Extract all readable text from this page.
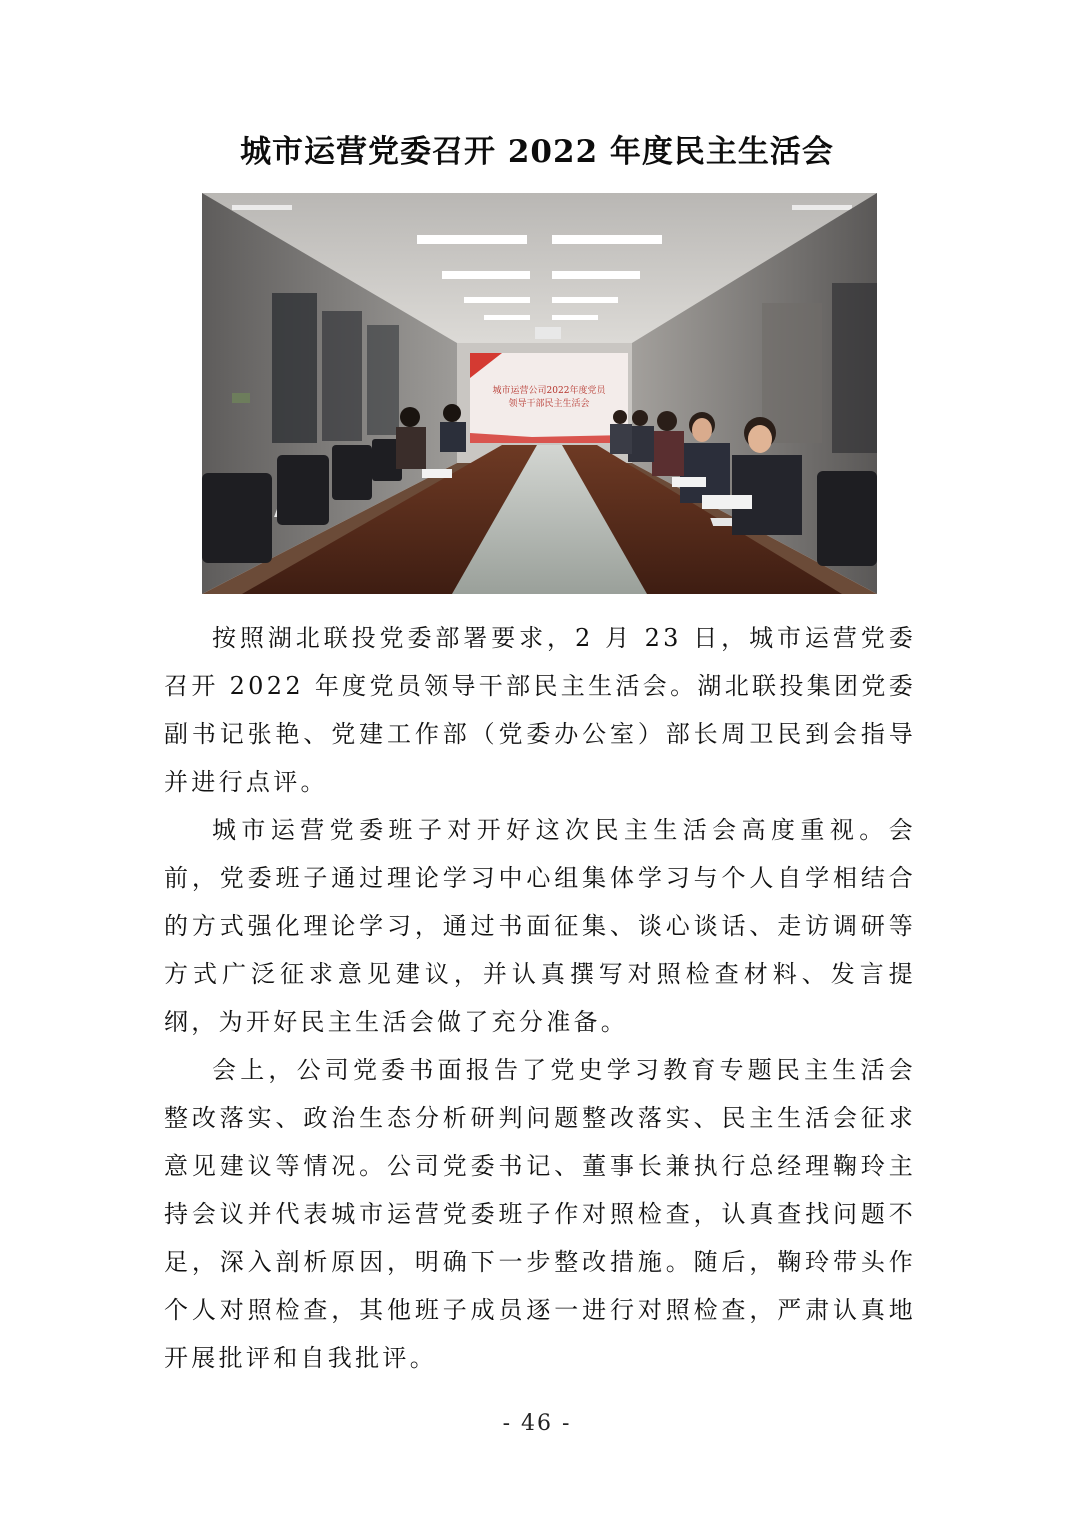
城市运营党委召开 2022 年度民主生活会
城市运营公司2022年度党员
领导干部民主生活会

按照湖北联投党委部署要求，2 月 23 日，城市运营党委召开 2022 年度党员领导干部民主生活会。湖北联投集团党委副书记张艳、党建工作部（党委办公室）部长周卫民到会指导并进行点评。

城市运营党委班子对开好这次民主生活会高度重视。会前，党委班子通过理论学习中心组集体学习与个人自学相结合的方式强化理论学习，通过书面征集、谈心谈话、走访调研等方式广泛征求意见建议，并认真撰写对照检查材料、发言提纲，为开好民主生活会做了充分准备。

会上，公司党委书面报告了党史学习教育专题民主生活会整改落实、政治生态分析研判问题整改落实、民主生活会征求意见建议等情况。公司党委书记、董事长兼执行总经理鞠玲主持会议并代表城市运营党委班子作对照检查，认真查找问题不足，深入剖析原因，明确下一步整改措施。随后，鞠玲带头作个人对照检查，其他班子成员逐一进行对照检查，严肃认真地开展批评和自我批评。

- 46 -
